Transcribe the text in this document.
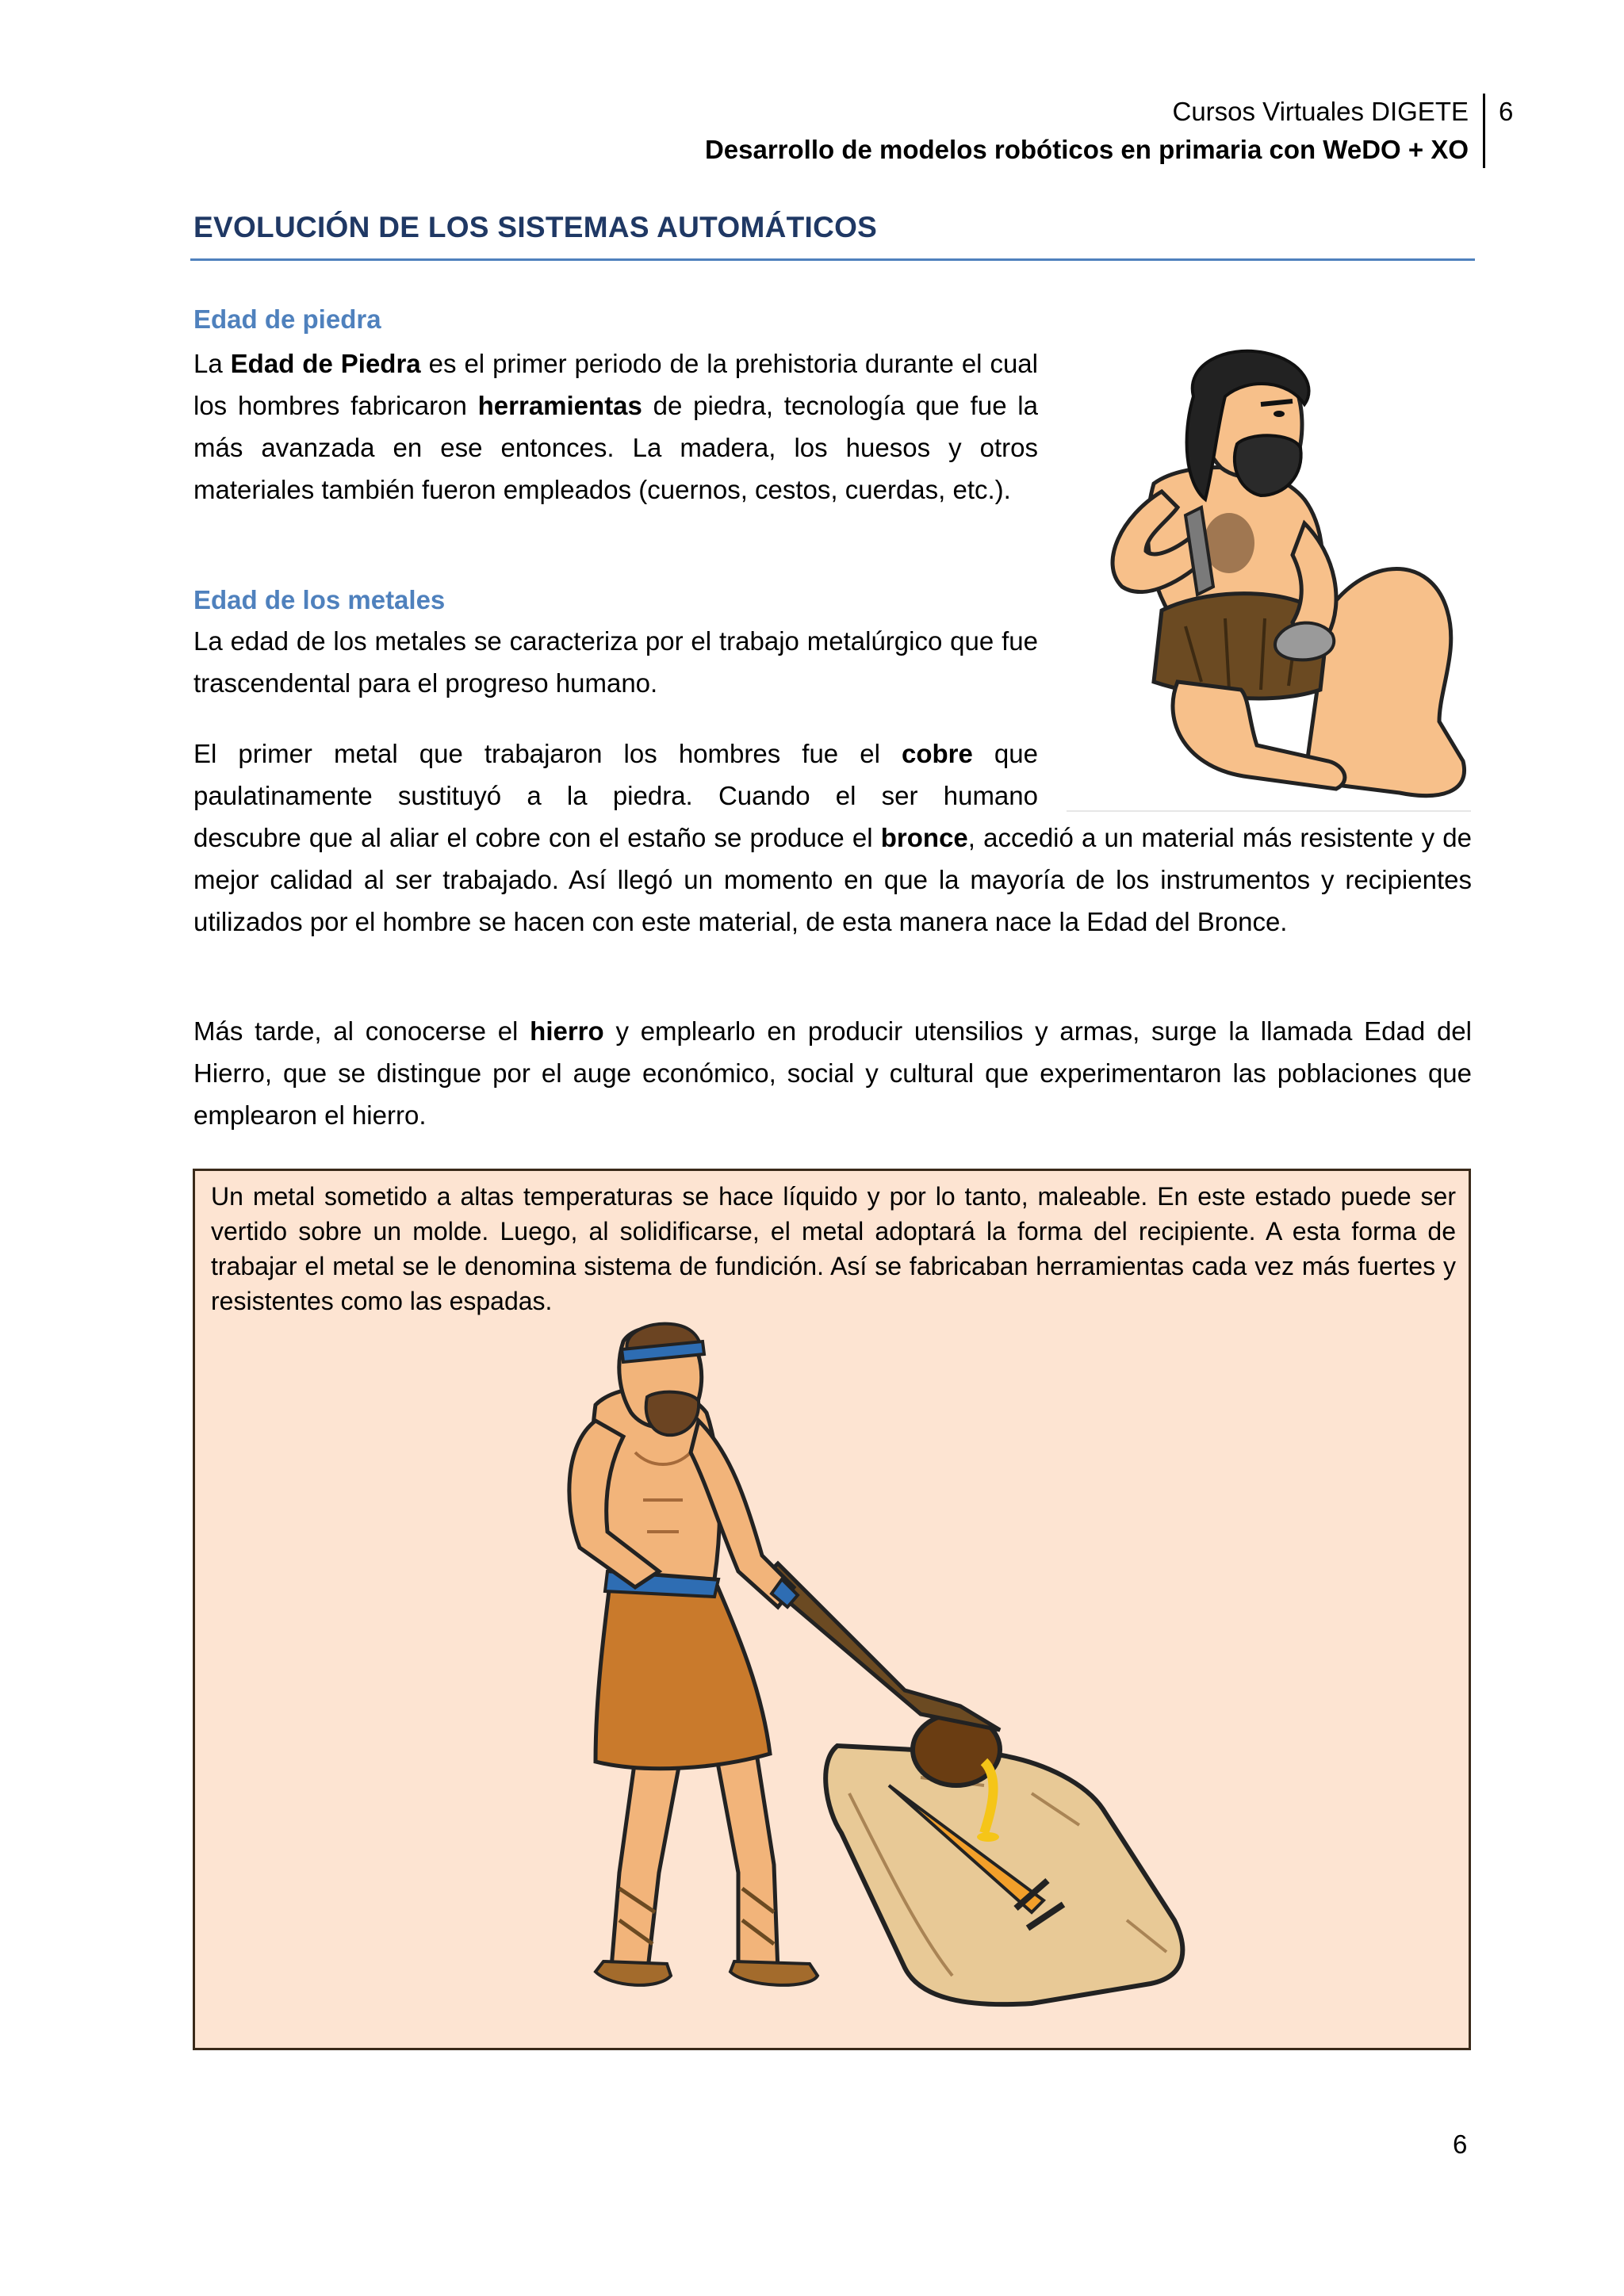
Cursos Virtuales DIGETE
Desarrollo de modelos robóticos en primaria con WeDO + XO
6
EVOLUCIÓN DE LOS SISTEMAS AUTOMÁTICOS
Edad de piedra
La Edad de Piedra es el primer periodo de la prehistoria durante el cual los hombres fabricaron herramientas de piedra, tecnología que fue la más avanzada en ese entonces. La madera, los huesos y otros materiales también fueron empleados (cuernos, cestos, cuerdas, etc.).
Edad de los metales
La edad de los metales se caracteriza por el trabajo metalúrgico que fue trascendental para el progreso humano.
El primer metal que trabajaron los hombres fue el cobre que paulatinamente sustituyó a la piedra. Cuando el ser humano
descubre que al aliar el cobre con el estaño se produce el bronce, accedió a un material más resistente y de mejor calidad al ser trabajado. Así llegó un momento en que la mayoría de los instrumentos y recipientes utilizados por el hombre se hacen con este material, de esta manera nace la Edad del Bronce.
Más tarde, al conocerse el hierro y emplearlo en producir utensilios y armas, surge la llamada Edad del Hierro, que se distingue por el auge económico, social y cultural que experimentaron las poblaciones que emplearon el hierro.
Un metal sometido a altas temperaturas se hace líquido y por lo tanto, maleable. En este estado puede ser vertido sobre un molde. Luego, al solidificarse, el metal adoptará la forma del recipiente. A esta forma de trabajar el metal se le denomina sistema de fundición. Así se fabricaban herramientas cada vez más fuertes y resistentes como las espadas.
6
